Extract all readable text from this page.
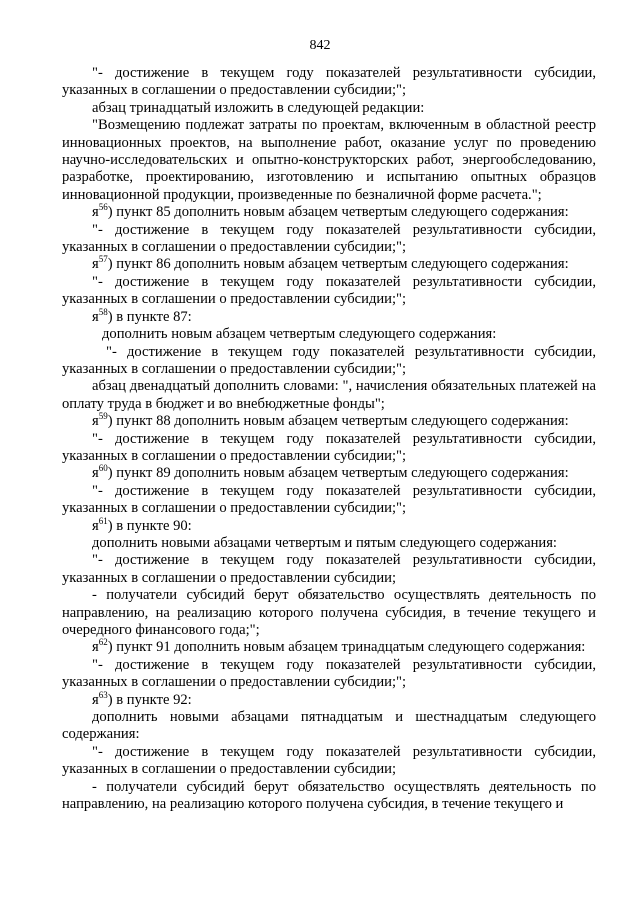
842

"- достижение в текущем году показателей результативности субсидии, указанных в соглашении о предоставлении субсидии;";

абзац тринадцатый изложить в следующей редакции:

"Возмещению подлежат затраты по проектам, включенным в областной реестр инновационных проектов, на выполнение работ, оказание услуг по проведению научно-исследовательских и опытно-конструкторских работ, энергообследованию, разработке, проектированию, изготовлению и испытанию опытных образцов инновационной продукции, произведенные по безналичной форме расчета.";

$я^{56}$) пункт 85 дополнить новым абзацем четвертым следующего содержания:

"- достижение в текущем году показателей результативности субсидии, указанных в соглашении о предоставлении субсидии;";

$я^{57}$) пункт 86 дополнить новым абзацем четвертым следующего содержания:

"- достижение в текущем году показателей результативности субсидии, указанных в соглашении о предоставлении субсидии;";

$я^{58}$) в пункте 87:

дополнить новым абзацем четвертым следующего содержания:

"- достижение в текущем году показателей результативности субсидии, указанных в соглашении о предоставлении субсидии;";

абзац двенадцатый дополнить словами: ", начисления обязательных платежей на оплату труда в бюджет и во внебюджетные фонды";

$я^{59}$) пункт 88 дополнить новым абзацем четвертым следующего содержания:

"- достижение в текущем году показателей результативности субсидии, указанных в соглашении о предоставлении субсидии;";

$я^{60}$) пункт 89 дополнить новым абзацем четвертым следующего содержания:

"- достижение в текущем году показателей результативности субсидии, указанных в соглашении о предоставлении субсидии;";

$я^{61}$) в пункте 90:

дополнить новыми абзацами четвертым и пятым следующего содержания:

"- достижение в текущем году показателей результативности субсидии, указанных в соглашении о предоставлении субсидии;

- получатели субсидий берут обязательство осуществлять деятельность по направлению, на реализацию которого получена субсидия, в течение текущего и очередного финансового года;";

$я^{62}$) пункт 91 дополнить новым абзацем тринадцатым следующего содержания:

"- достижение в текущем году показателей результативности субсидии, указанных в соглашении о предоставлении субсидии;";

$я^{63}$) в пункте 92:

дополнить новыми абзацами пятнадцатым и шестнадцатым следующего содержания:

"- достижение в текущем году показателей результативности субсидии, указанных в соглашении о предоставлении субсидии;

- получатели субсидий берут обязательство осуществлять деятельность по направлению, на реализацию которого получена субсидия, в течение текущего и
